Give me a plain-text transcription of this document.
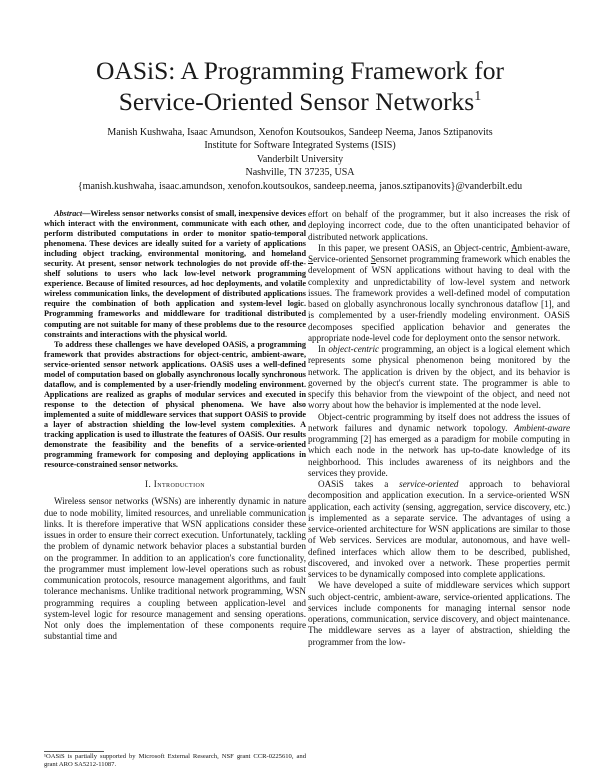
OASiS: A Programming Framework for
Service-Oriented Sensor Networks$^1$
Manish Kushwaha, Isaac Amundson, Xenofon Koutsoukos, Sandeep Neema, Janos Sztipanovits
Institute for Software Integrated Systems (ISIS)
Vanderbilt University
Nashville, TN 37235, USA
{manish.kushwaha, isaac.amundson, xenofon.koutsoukos, sandeep.neema, janos.sztipanovits}@vanderbilt.edu

Abstract—Wireless sensor networks consist of small, inexpensive devices which interact with the environment, communicate with each other, and perform distributed computations in order to monitor spatio-temporal phenomena. These devices are ideally suited for a variety of applications including object tracking, environmental monitoring, and homeland security. At present, sensor network technologies do not provide off-the-shelf solutions to users who lack low-level network programming experience. Because of limited resources, ad hoc deployments, and volatile wireless communication links, the development of distributed applications require the combination of both application and system-level logic. Programming frameworks and middleware for traditional distributed computing are not suitable for many of these problems due to the resource constraints and interactions with the physical world.

To address these challenges we have developed OASiS, a programming framework that provides abstractions for object-centric, ambient-aware, service-oriented sensor network applications. OASiS uses a well-defined model of computation based on globally asynchronous locally synchronous dataflow, and is complemented by a user-friendly modeling environment. Applications are realized as graphs of modular services and executed in response to the detection of physical phenomena. We have also implemented a suite of middleware services that support OASiS to provide a layer of abstraction shielding the low-level system complexities. A tracking application is used to illustrate the features of OASiS. Our results demonstrate the feasibility and the benefits of a service-oriented programming framework for composing and deploying applications in resource-constrained sensor networks.

I. Introduction

Wireless sensor networks (WSNs) are inherently dynamic in nature due to node mobility, limited resources, and unreliable communication links. It is therefore imperative that WSN applications consider these issues in order to ensure their correct execution. Unfortunately, tackling the problem of dynamic network behavior places a substantial burden on the programmer. In addition to an application's core functionality, the programmer must implement low-level operations such as robust communication protocols, resource management algorithms, and fault tolerance mechanisms. Unlike traditional network programming, WSN programming requires a coupling between application-level and system-level logic for resource management and sensing operations. Not only does the implementation of these components require substantial time and

¹OASiS is partially supported by Microsoft External Research, NSF grant CCR-0225610, and grant ARO SA5212-11087.

effort on behalf of the programmer, but it also increases the risk of deploying incorrect code, due to the often unanticipated behavior of distributed network applications.

In this paper, we present OASiS, an Object-centric, Ambient-aware, Service-oriented Sensornet programming framework which enables the development of WSN applications without having to deal with the complexity and unpredictability of low-level system and network issues. The framework provides a well-defined model of computation based on globally asynchronous locally synchronous dataflow [1], and is complemented by a user-friendly modeling environment. OASiS decomposes specified application behavior and generates the appropriate node-level code for deployment onto the sensor network.

In object-centric programming, an object is a logical element which represents some physical phenomenon being monitored by the network. The application is driven by the object, and its behavior is governed by the object's current state. The programmer is able to specify this behavior from the viewpoint of the object, and need not worry about how the behavior is implemented at the node level.

Object-centric programming by itself does not address the issues of network failures and dynamic network topology. Ambient-aware programming [2] has emerged as a paradigm for mobile computing in which each node in the network has up-to-date knowledge of its neighborhood. This includes awareness of its neighbors and the services they provide.

OASiS takes a service-oriented approach to behavioral decomposition and application execution. In a service-oriented WSN application, each activity (sensing, aggregation, service discovery, etc.) is implemented as a separate service. The advantages of using a service-oriented architecture for WSN applications are similar to those of Web services. Services are modular, autonomous, and have well-defined interfaces which allow them to be described, published, discovered, and invoked over a network. These properties permit services to be dynamically composed into complete applications.

We have developed a suite of middleware services which support such object-centric, ambient-aware, service-oriented applications. The services include components for managing internal sensor node operations, communication, service discovery, and object maintenance. The middleware serves as a layer of abstraction, shielding the programmer from the low-
